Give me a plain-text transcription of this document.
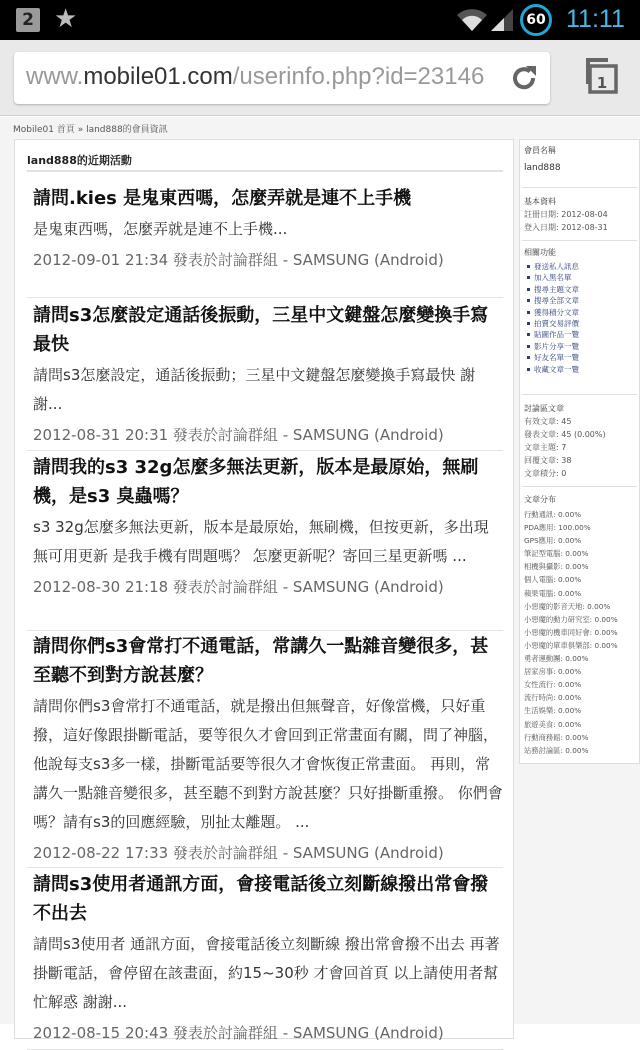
2 ★	60 11:11
www.mobile01.com/userinfo.php?id=23146	1
Mobile01 首頁 » land888的會員資訊
land888的近期活動
請問.kies 是鬼東西嗎，怎麼弄就是連不上手機
是鬼東西嗎，怎麼弄就是連不上手機...
2012-09-01 21:34 發表於討論群組 - SAMSUNG (Android)
請問s3怎麼設定通話後振動，三星中文鍵盤怎麼變換手寫最快
請問s3怎麼設定，通話後振動；三星中文鍵盤怎麼變換手寫最快 謝謝...
2012-08-31 20:31 發表於討論群組 - SAMSUNG (Android)
請問我的s3 32g怎麼多無法更新，版本是最原始，無刷機，是s3 臭蟲嗎？
s3 32g怎麼多無法更新，版本是最原始，無刷機，但按更新，多出現無可用更新 是我手機有問題嗎？ 怎麼更新呢？寄回三星更新嗎 ...
2012-08-30 21:18 發表於討論群組 - SAMSUNG (Android)
請問你們s3會常打不通電話，常講久一點雜音變很多，甚至聽不到對方說甚麼？
請問你們s3會常打不通電話，就是撥出但無聲音，好像當機，只好重撥，這好像跟掛斷電話，要等很久才會回到正常畫面有關，問了神腦，他說每支s3多一樣，掛斷電話要等很久才會恢復正常畫面。 再則，常講久一點雜音變很多，甚至聽不到對方說甚麼？只好掛斷重撥。 你們會嗎？請有s3的回應經驗，別扯太離題。 ...
2012-08-22 17:33 發表於討論群組 - SAMSUNG (Android)
請問s3使用者通訊方面，會接電話後立刻斷線撥出常會撥不出去
請問s3使用者 通訊方面，會接電話後立刻斷線 撥出常會撥不出去 再著掛斷電話，會停留在該畫面，約15~30秒 才會回首頁 以上請使用者幫忙解惑 謝謝...
2012-08-15 20:43 發表於討論群組 - SAMSUNG (Android)
會員名稱
land888
基本資料
註冊日期: 2012-08-04
登入日期: 2012-08-31
相關功能
發送私人訊息
加入黑名單
搜尋主題文章
搜尋全部文章
獲得積分文章
拍賣交易評價
貼圖作品一覽
影片分享一覽
好友名單一覽
收藏文章一覽
討論區文章
有效文章: 45
發表文章: 45 (0.00%)
文章主題: 7
回覆文章: 38
文章積分: 0
文章分布
行動通訊: 0.00%
PDA應用: 100.00%
GPS應用: 0.00%
筆記型電腦: 0.00%
相機與攝影: 0.00%
個人電腦: 0.00%
蘋果電腦: 0.00%
小惡魔的影音天地: 0.00%
小惡魔的動力研究室: 0.00%
小惡魔的機車同好會: 0.00%
小惡魔的單車俱樂部: 0.00%
勇者運動團: 0.00%
居家房事: 0.00%
女性流行: 0.00%
流行時尚: 0.00%
生活娛樂: 0.00%
旅遊美食: 0.00%
行動商務館: 0.00%
站務討論區: 0.00%
